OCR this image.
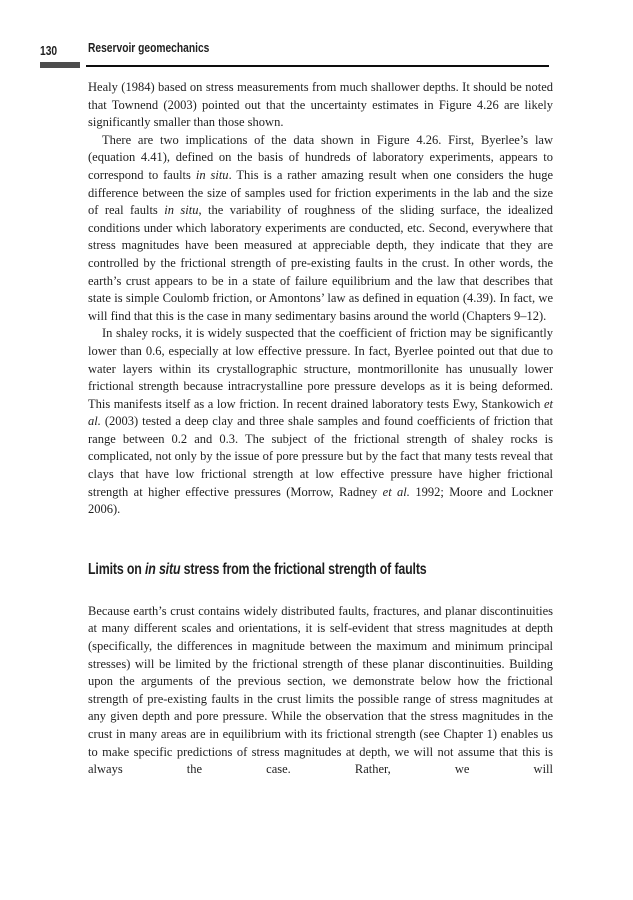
130	Reservoir geomechanics

Healy (1984) based on stress measurements from much shallower depths. It should be noted that Townend (2003) pointed out that the uncertainty estimates in Figure 4.26 are likely significantly smaller than those shown.

There are two implications of the data shown in Figure 4.26. First, Byerlee’s law (equation 4.41), defined on the basis of hundreds of laboratory experiments, appears to correspond to faults in situ. This is a rather amazing result when one considers the huge difference between the size of samples used for friction experiments in the lab and the size of real faults in situ, the variability of roughness of the sliding surface, the idealized conditions under which laboratory experiments are conducted, etc. Second, everywhere that stress magnitudes have been measured at appreciable depth, they indicate that they are controlled by the frictional strength of pre-existing faults in the crust. In other words, the earth’s crust appears to be in a state of failure equilibrium and the law that describes that state is simple Coulomb friction, or Amontons’ law as defined in equation (4.39). In fact, we will find that this is the case in many sedimentary basins around the world (Chapters 9–12).

In shaley rocks, it is widely suspected that the coefficient of friction may be significantly lower than 0.6, especially at low effective pressure. In fact, Byerlee pointed out that due to water layers within its crystallographic structure, montmorillonite has unusually lower frictional strength because intracrystalline pore pressure develops as it is being deformed. This manifests itself as a low friction. In recent drained laboratory tests Ewy, Stankowich et al. (2003) tested a deep clay and three shale samples and found coefficients of friction that range between 0.2 and 0.3. The subject of the frictional strength of shaley rocks is complicated, not only by the issue of pore pressure but by the fact that many tests reveal that clays that have low frictional strength at low effective pressure have higher frictional strength at higher effective pressures (Morrow, Radney et al. 1992; Moore and Lockner 2006).

Limits on in situ stress from the frictional strength of faults

Because earth’s crust contains widely distributed faults, fractures, and planar discontinuities at many different scales and orientations, it is self-evident that stress magnitudes at depth (specifically, the differences in magnitude between the maximum and minimum principal stresses) will be limited by the frictional strength of these planar discontinuities. Building upon the arguments of the previous section, we demonstrate below how the frictional strength of pre-existing faults in the crust limits the possible range of stress magnitudes at any given depth and pore pressure. While the observation that the stress magnitudes in the crust in many areas are in equilibrium with its frictional strength (see Chapter 1) enables us to make specific predictions of stress magnitudes at depth, we will not assume that this is always the case. Rather, we will
